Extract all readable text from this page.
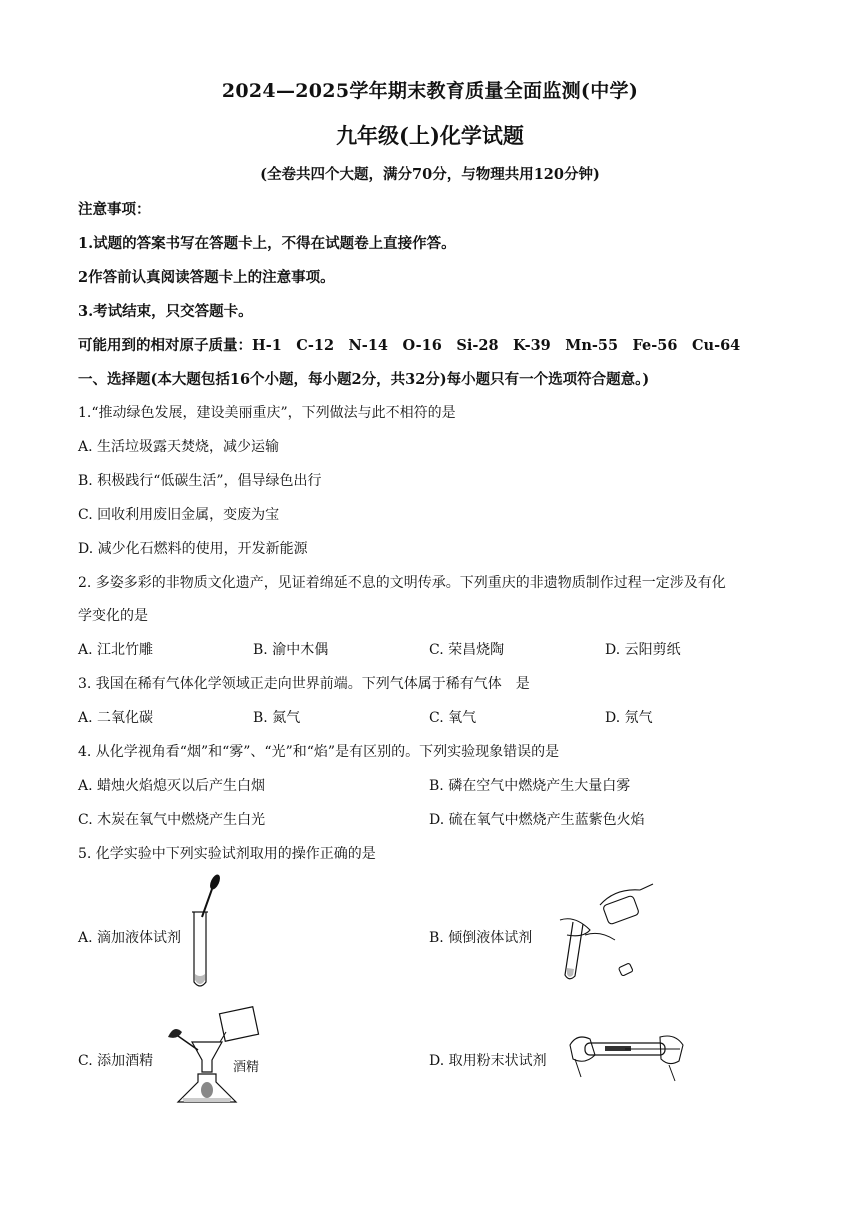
2024—2025学年期末教育质量全面监测(中学)
九年级(上)化学试题
(全卷共四个大题，满分70分，与物理共用120分钟)
注意事项：
1.试题的答案书写在答题卡上，不得在试题卷上直接作答。
2作答前认真阅读答题卡上的注意事项。
3.考试结束，只交答题卡。
可能用到的相对原子质量：H-1　C-12　N-14　O-16　Si-28　K-39　Mn-55　Fe-56　Cu-64
一、选择题(本大题包括16个小题，每小题2分，共32分)每小题只有一个选项符合题意。)
1.“推动绿色发展，建设美丽重庆”，下列做法与此不相符的是
A. 生活垃圾露天焚烧，减少运输
B. 积极践行“低碳生活”，倡导绿色出行
C. 回收利用废旧金属，变废为宝
D. 减少化石燃料的使用，开发新能源
2. 多姿多彩的非物质文化遗产，见证着绵延不息的文明传承。下列重庆的非遗物质制作过程一定涉及有化
学变化的是
A. 江北竹雕	B. 渝中木偶	C. 荣昌烧陶	D. 云阳剪纸
3. 我国在稀有气体化学领域正走向世界前端。下列气体属于稀有气体　是
A. 二氧化碳	B. 氮气	C. 氧气	D. 氖气
4. 从化学视角看“烟”和“雾”、“光”和“焰”是有区别的。下列实验现象错误的是
A. 蜡烛火焰熄灭以后产生白烟	B. 磷在空气中燃烧产生大量白雾
C. 木炭在氧气中燃烧产生白光	D. 硫在氧气中燃烧产生蓝紫色火焰
5. 化学实验中下列实验试剂取用的操作正确的是
A. 滴加液体试剂	B. 倾倒液体试剂
C. 添加酒精	酒精	D. 取用粉末状试剂
